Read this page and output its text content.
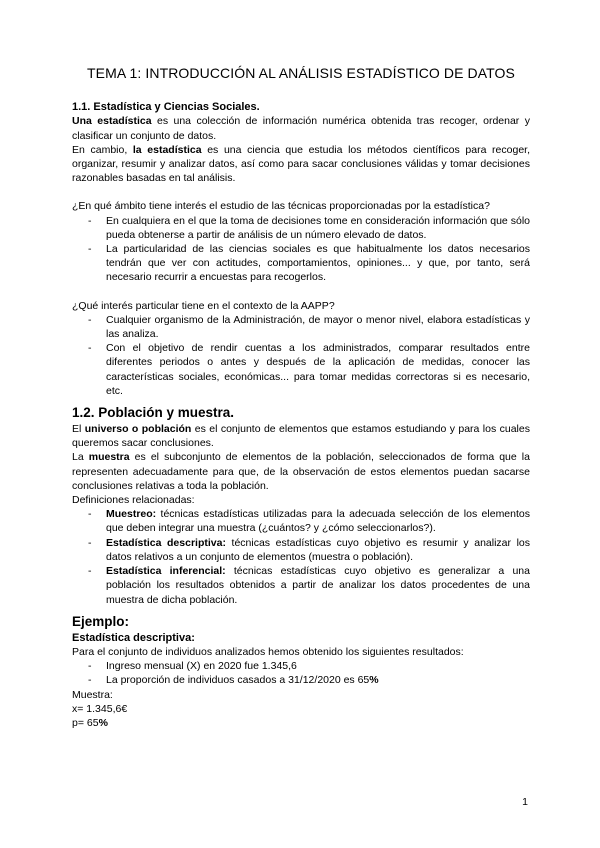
TEMA 1: INTRODUCCIÓN AL ANÁLISIS ESTADÍSTICO DE DATOS
1.1. Estadística y Ciencias Sociales.

Una estadística es una colección de información numérica obtenida tras recoger, ordenar y clasificar un conjunto de datos.

En cambio, la estadística es una ciencia que estudia los métodos científicos para recoger, organizar, resumir y analizar datos, así como para sacar conclusiones válidas y tomar decisiones razonables basadas en tal análisis.

¿En qué ámbito tiene interés el estudio de las técnicas proporcionadas por la estadística?

- En cualquiera en el que la toma de decisiones tome en consideración información que sólo pueda obtenerse a partir de análisis de un número elevado de datos.
- La particularidad de las ciencias sociales es que habitualmente los datos necesarios tendrán que ver con actitudes, comportamientos, opiniones... y que, por tanto, será necesario recurrir a encuestas para recogerlos.

¿Qué interés particular tiene en el contexto de la AAPP?

- Cualquier organismo de la Administración, de mayor o menor nivel, elabora estadísticas y las analiza.
- Con el objetivo de rendir cuentas a los administrados, comparar resultados entre diferentes periodos o antes y después de la aplicación de medidas, conocer las características sociales, económicas... para tomar medidas correctoras si es necesario, etc.
1.2. Población y muestra.

El universo o población es el conjunto de elementos que estamos estudiando y para los cuales queremos sacar conclusiones.

La muestra es el subconjunto de elementos de la población, seleccionados de forma que la representen adecuadamente para que, de la observación de estos elementos puedan sacarse conclusiones relativas a toda la población.

Definiciones relacionadas:

- Muestreo: técnicas estadísticas utilizadas para la adecuada selección de los elementos que deben integrar una muestra (¿cuántos? y ¿cómo seleccionarlos?).
- Estadística descriptiva: técnicas estadísticas cuyo objetivo es resumir y analizar los datos relativos a un conjunto de elementos (muestra o población).
- Estadística inferencial: técnicas estadísticas cuyo objetivo es generalizar a una población los resultados obtenidos a partir de analizar los datos procedentes de una muestra de dicha población.
Ejemplo:
Estadística descriptiva:

Para el conjunto de individuos analizados hemos obtenido los siguientes resultados:

- Ingreso mensual (X) en 2020 fue 1.345,6
- La proporción de individuos casados a 31/12/2020 es 65%

Muestra:

x= 1.345,6€

p= 65%

1
